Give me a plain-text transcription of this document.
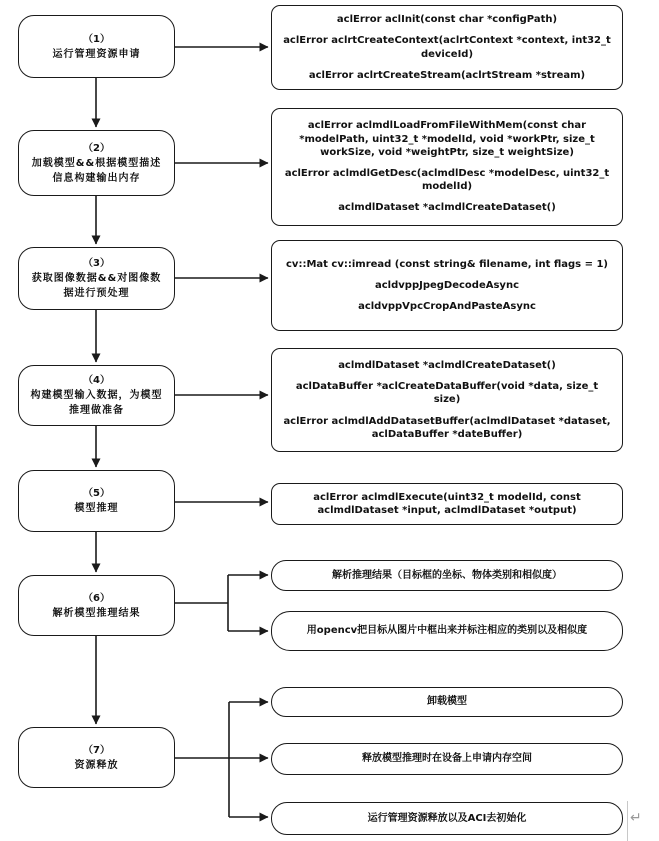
（1）
运行管理资源申请
（2）
加载模型&&根据模型描述信息构建输出内存
（3）
获取图像数据&&对图像数据进行预处理
（4）
构建模型输入数据，为模型推理做准备
（5）
模型推理
（6）
解析模型推理结果
（7）
资源释放

aclError aclInit(const char *configPath)

aclError aclrtCreateContext(aclrtContext *context, int32_t deviceId)

aclError aclrtCreateStream(aclrtStream *stream)

aclError aclmdlLoadFromFileWithMem(const char *modelPath, uint32_t *modelId, void *workPtr, size_t workSize, void *weightPtr, size_t weightSize)

aclError aclmdlGetDesc(aclmdlDesc *modelDesc, uint32_t modelId)

aclmdlDataset *aclmdlCreateDataset()

cv::Mat cv::imread (const string& filename, int flags = 1)

acldvppJpegDecodeAsync

acldvppVpcCropAndPasteAsync

aclmdlDataset *aclmdlCreateDataset()

aclDataBuffer *aclCreateDataBuffer(void *data, size_t size)

aclError aclmdlAddDatasetBuffer(aclmdlDataset *dataset, aclDataBuffer *dateBuffer)

aclError aclmdlExecute(uint32_t modelId, const aclmdlDataset *input, aclmdlDataset *output)

解析推理结果（目标框的坐标、物体类别和相似度）
用opencv把目标从图片中框出来并标注相应的类别以及相似度
卸载模型
释放模型推理时在设备上申请内存空间
运行管理资源释放以及ACI去初始化	↵
